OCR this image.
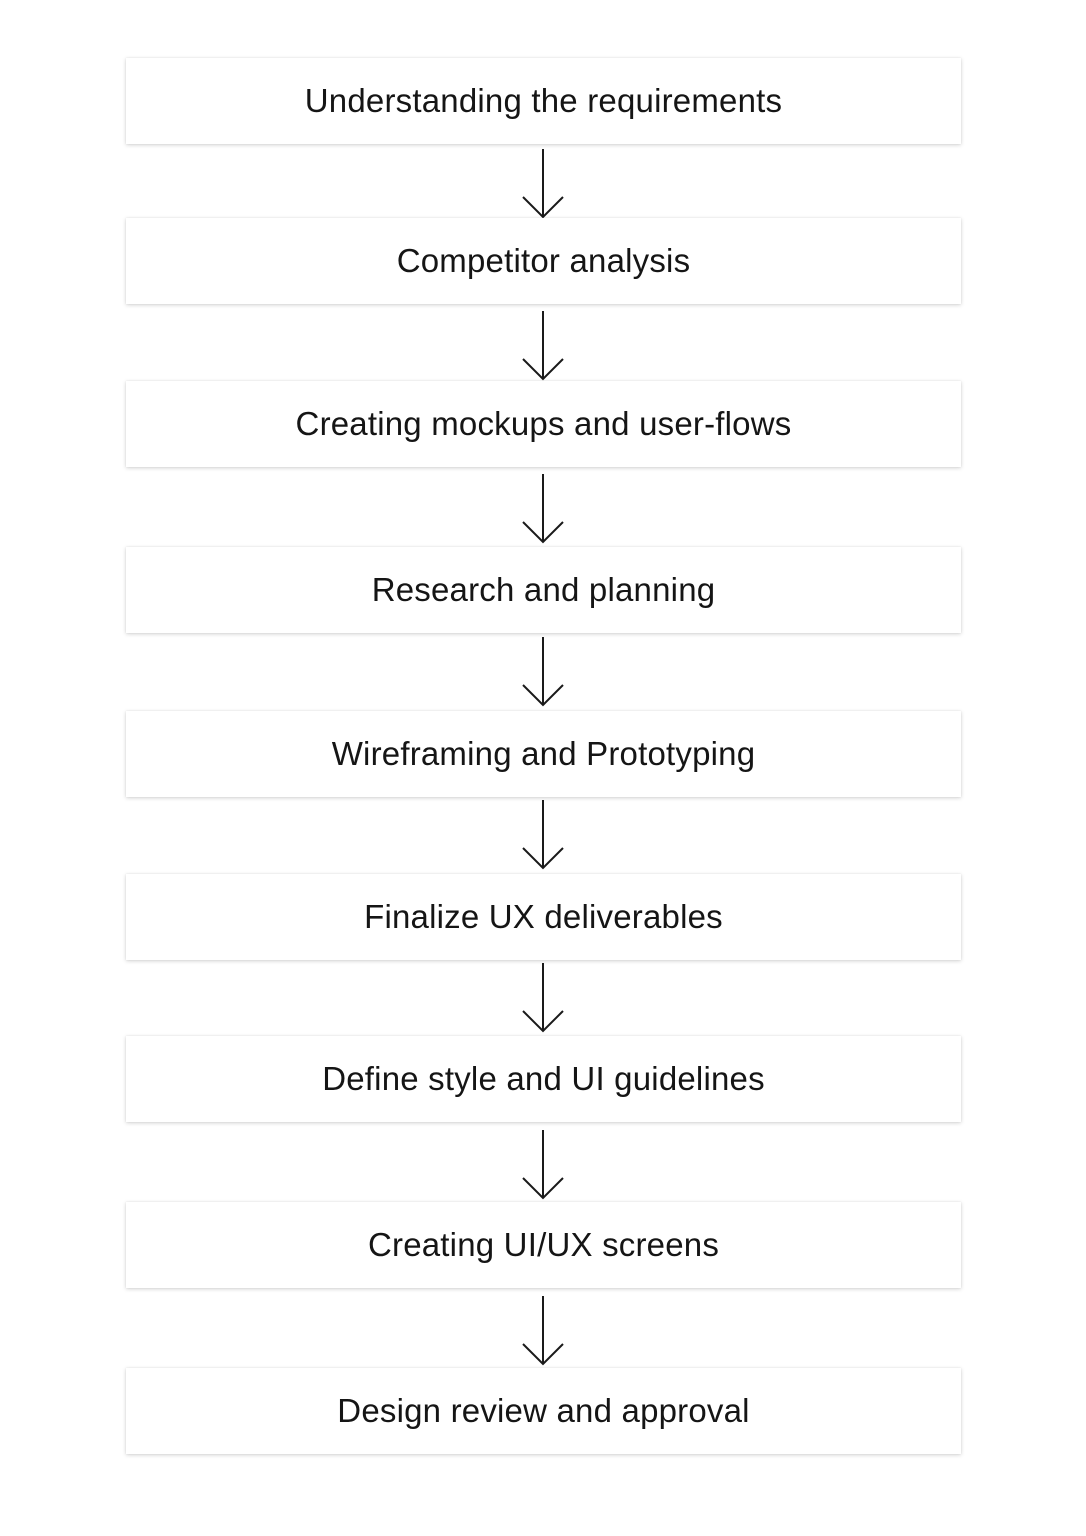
Understanding the requirements
Competitor analysis
Creating mockups and user-flows
Research and planning
Wireframing and Prototyping
Finalize UX deliverables
Define style and UI guidelines
Creating UI/UX screens
Design review and approval
